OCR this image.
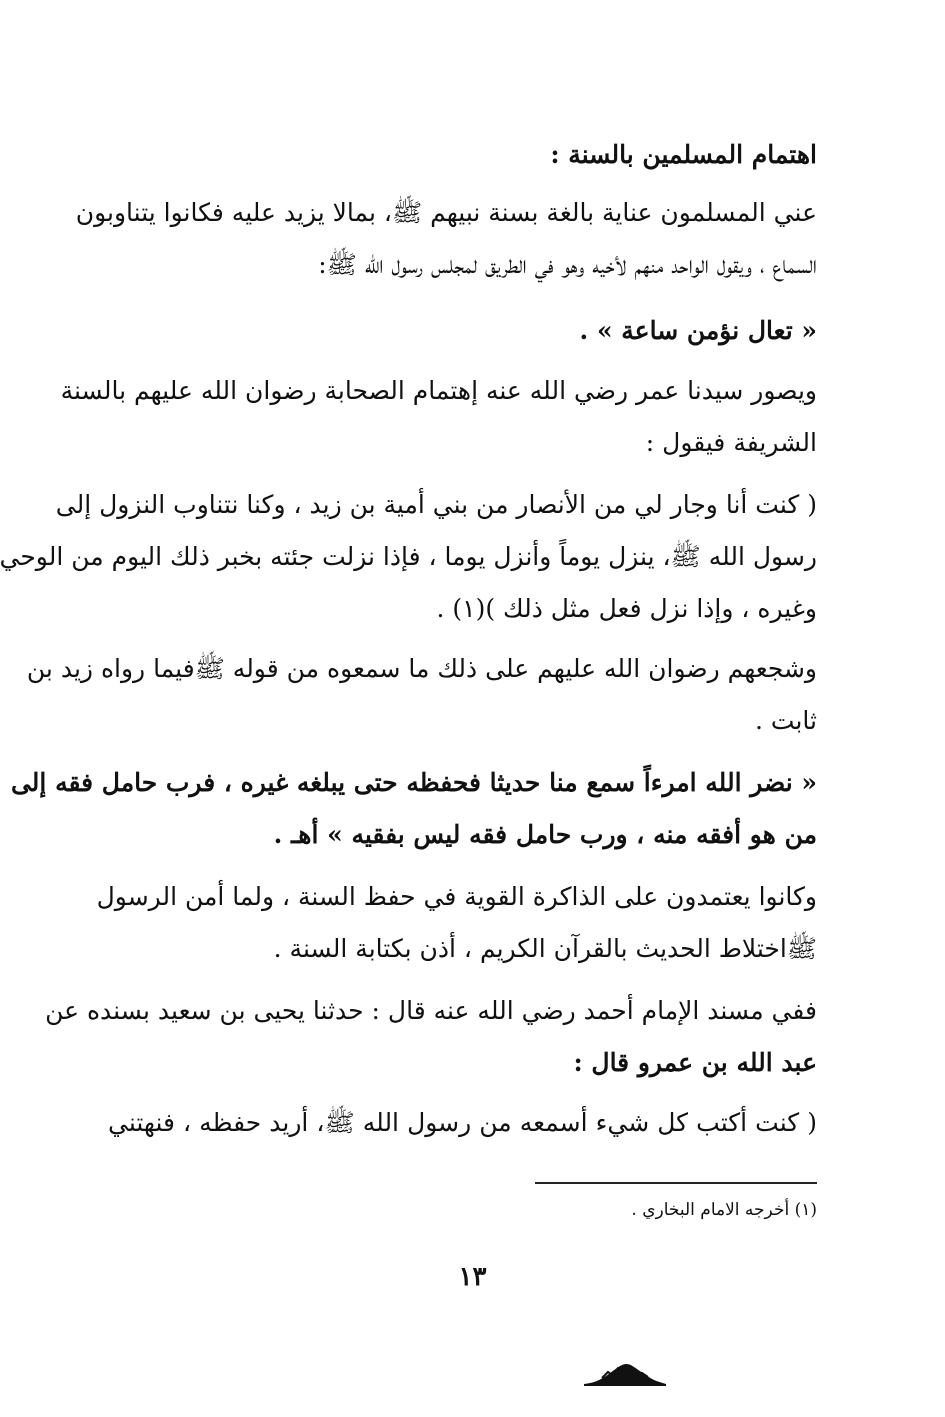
اهتمام المسلمين بالسنة :
عني المسلمون عناية بالغة بسنة نبيهم ﷺ، بمالا يزيد عليه فكانوا يتناوبون
السماع ، ويقول الواحد منهم لأخيه وهو في الطريق لمجلس رسول الله ﷺ:
« تعال نؤمن ساعة » .
ويصور سيدنا عمر رضي الله عنه إهتمام الصحابة رضوان الله عليهم بالسنة
الشريفة فيقول :
( كنت أنا وجار لي من الأنصار من بني أمية بن زيد ، وكنا نتناوب النزول إلى
رسول الله ﷺ، ينزل يوماً وأنزل يوما ، فإذا نزلت جئته بخبر ذلك اليوم من الوحي
وغيره ، وإذا نزل فعل مثل ذلك )(١) .
وشجعهم رضوان الله عليهم على ذلك ما سمعوه من قوله ﷺفيما رواه زيد بن
ثابت .
« نضر الله امرءاً سمع منا حديثا فحفظه حتى يبلغه غيره ، فرب حامل فقه إلى
من هو أفقه منه ، ورب حامل فقه ليس بفقيه » أهـ .
وكانوا يعتمدون على الذاكرة القوية في حفظ السنة ، ولما أمن الرسول
ﷺاختلاط الحديث بالقرآن الكريم ، أذن بكتابة السنة .
ففي مسند الإمام أحمد رضي الله عنه قال : حدثنا يحيى بن سعيد بسنده عن
عبد الله بن عمرو قال :
( كنت أكتب كل شيء أسمعه من رسول الله ﷺ، أريد حفظه ، فنهتني
(١) أخرجه الامام البخاري .
١٣
